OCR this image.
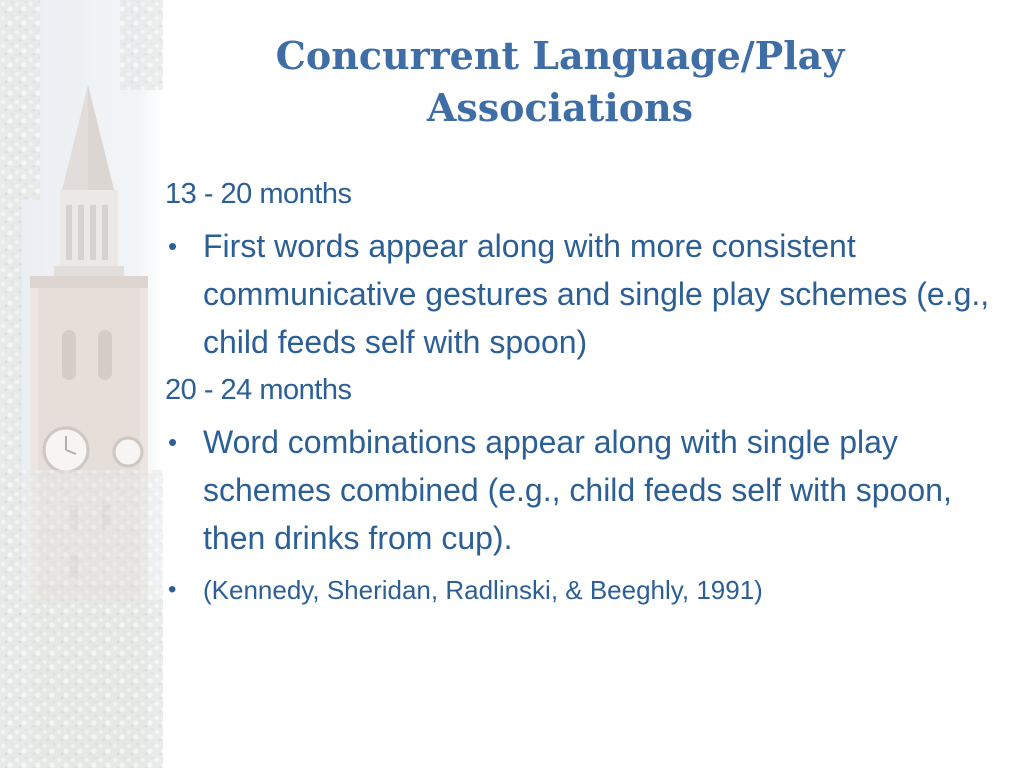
Concurrent Language/Play
Associations
13 - 20 months
• First words appear along with more consistent communicative gestures and single play schemes (e.g., child feeds self with spoon)
20 - 24 months
• Word combinations appear along with single play schemes combined (e.g., child feeds self with spoon, then drinks from cup).
• (Kennedy, Sheridan, Radlinski, & Beeghly, 1991)
